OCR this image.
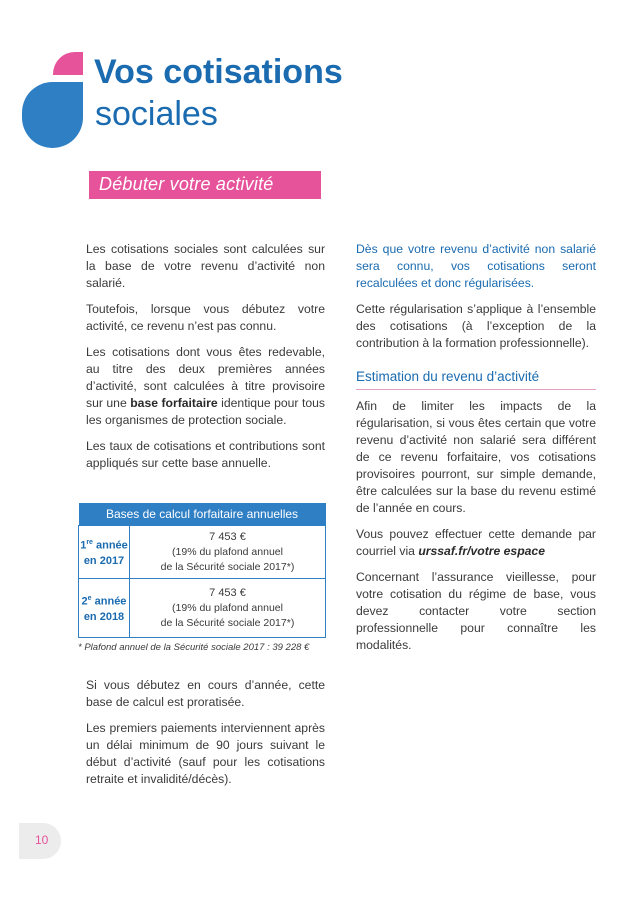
Vos cotisations
sociales
Débuter votre activité

Les cotisations sociales sont calculées sur la base de votre revenu d’activité non salarié.

Toutefois, lorsque vous débutez votre activité, ce revenu n’est pas connu.

Les cotisations dont vous êtes redevable, au titre des deux premières années d’activité, sont calculées à titre provisoire sur une base forfaitaire identique pour tous les organismes de protection sociale.

Les taux de cotisations et contributions sont appliqués sur cette base annuelle.

Bases de calcul forfaitaire annuelles	
1re année
en 2017	7 453 €
(19% du plafond annuel
de la Sécurité sociale 2017*)
2e année
en 2018	7 453 €
(19% du plafond annuel
de la Sécurité sociale 2017*)
* Plafond annuel de la Sécurité sociale 2017 : 39 228 €

Si vous débutez en cours d’année, cette base de calcul est proratisée.

Les premiers paiements interviennent après un délai minimum de 90 jours suivant le début d’activité (sauf pour les cotisations retraite et invalidité/décès).

Dès que votre revenu d’activité non salarié sera connu, vos cotisations seront recalculées et donc régularisées.

Cette régularisation s’applique à l’ensemble des cotisations (à l’exception de la contribution à la formation professionnelle).

Estimation du revenu d’activité

Afin de limiter les impacts de la régularisation, si vous êtes certain que votre revenu d’activité non salarié sera différent de ce revenu forfaitaire, vos cotisations provisoires pourront, sur simple demande, être calculées sur la base du revenu estimé de l’année en cours.

Vous pouvez effectuer cette demande par courriel via urssaf.fr/votre espace

Concernant l’assurance vieillesse, pour votre cotisation du régime de base, vous devez contacter votre section professionnelle pour connaître les modalités.

10
